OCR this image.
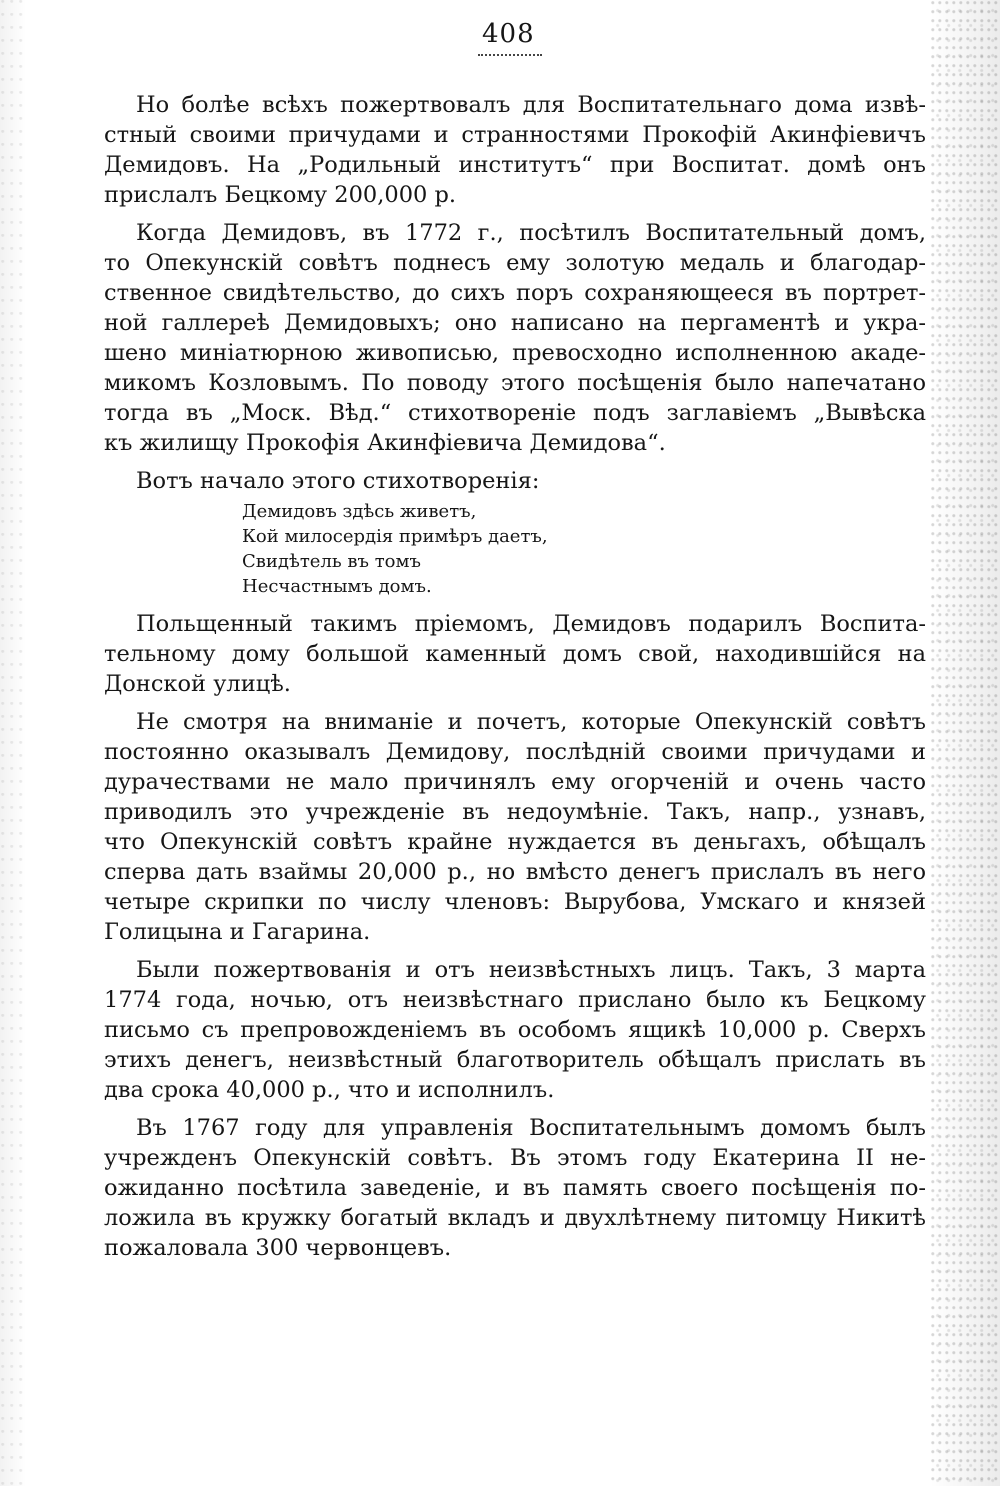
408
Но болѣе всѣхъ пожертвовалъ для Воспитательнаго дома извѣ-
стный своими причудами и странностями Прокофій Акинфіевичъ
Демидовъ. На „Родильный институтъ“ при Воспитат. домѣ онъ
прислалъ Бецкому 200,000 р.
Когда Демидовъ, въ 1772 г., посѣтилъ Воспитательный домъ,
то Опекунскій совѣтъ поднесъ ему золотую медаль и благодар-
ственное свидѣтельство, до сихъ поръ сохраняющееся въ портрет-
ной галлереѣ Демидовыхъ; оно написано на пергаментѣ и укра-
шено миніатюрною живописью, превосходно исполненною акаде-
микомъ Козловымъ. По поводу этого посѣщенія было напечатано
тогда въ „Моск. Вѣд.“ стихотвореніе подъ заглавіемъ „Вывѣска
къ жилищу Прокофія Акинфіевича Демидова“.
Вотъ начало этого стихотворенія:
Демидовъ здѣсь живетъ,
Кой милосердія примѣръ даетъ,
Свидѣтель въ томъ
Несчастнымъ домъ.
Польщенный такимъ пріемомъ, Демидовъ подарилъ Воспита-
тельному дому большой каменный домъ свой, находившійся на
Донской улицѣ.
Не смотря на вниманіе и почетъ, которые Опекунскій совѣтъ
постоянно оказывалъ Демидову, послѣдній своими причудами и
дурачествами не мало причинялъ ему огорченій и очень часто
приводилъ это учрежденіе въ недоумѣніе. Такъ, напр., узнавъ,
что Опекунскій совѣтъ крайне нуждается въ деньгахъ, обѣщалъ
сперва дать взаймы 20,000 р., но вмѣсто денегъ прислалъ въ него
четыре скрипки по числу членовъ: Вырубова, Умскаго и князей
Голицына и Гагарина.
Были пожертвованія и отъ неизвѣстныхъ лицъ. Такъ, 3 марта
1774 года, ночью, отъ неизвѣстнаго прислано было къ Бецкому
письмо съ препровожденіемъ въ особомъ ящикѣ 10,000 р. Сверхъ
этихъ денегъ, неизвѣстный благотворитель обѣщалъ прислать въ
два срока 40,000 р., что и исполнилъ.
Въ 1767 году для управленія Воспитательнымъ домомъ былъ
учрежденъ Опекунскій совѣтъ. Въ этомъ году Екатерина II не-
ожиданно посѣтила заведеніе, и въ память своего посѣщенія по-
ложила въ кружку богатый вкладъ и двухлѣтнему питомцу Никитѣ
пожаловала 300 червонцевъ.
